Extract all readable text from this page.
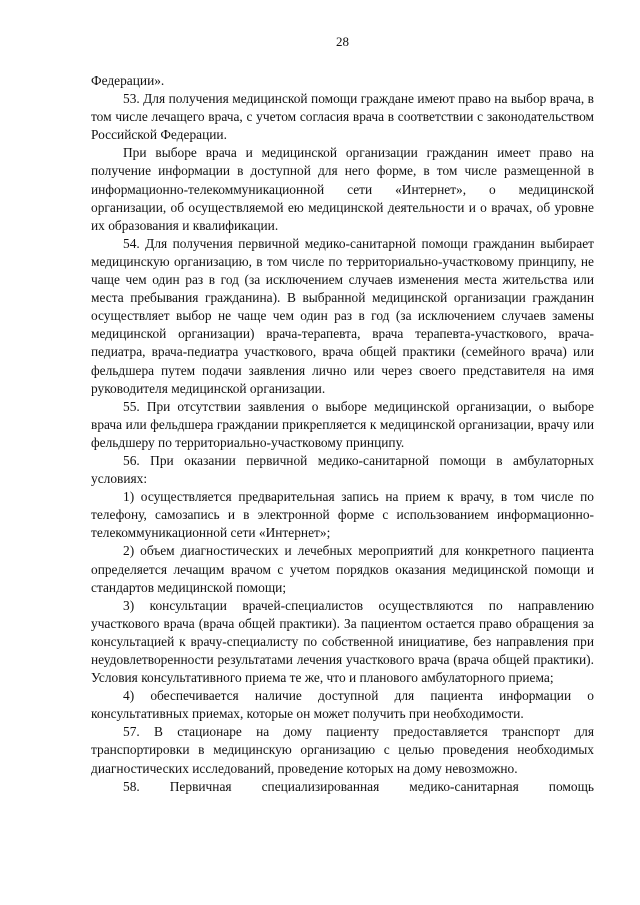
28

Федерации».

53. Для получения медицинской помощи граждане имеют право на выбор врача, в том числе лечащего врача, с учетом согласия врача в соответствии с законодательством Российской Федерации.

При выборе врача и медицинской организации гражданин имеет право на получение информации в доступной для него форме, в том числе размещенной в информационно-телекоммуникационной сети «Интернет», о медицинской организации, об осуществляемой ею медицинской деятельности и о врачах, об уровне их образования и квалификации.

54. Для получения первичной медико-санитарной помощи гражданин выбирает медицинскую организацию, в том числе по территориально-участковому принципу, не чаще чем один раз в год (за исключением случаев изменения места жительства или места пребывания гражданина). В выбранной медицинской организации гражданин осуществляет выбор не чаще чем один раз в год (за исключением случаев замены медицинской организации) врача-терапевта, врача терапевта-участкового, врача-педиатра, врача-педиатра участкового, врача общей практики (семейного врача) или фельдшера путем подачи заявления лично или через своего представителя на имя руководителя медицинской организации.

55. При отсутствии заявления о выборе медицинской организации, о выборе врача или фельдшера граждании прикрепляется к медицинской организации, врачу или фельдшеру по территориально-участковому принципу.

56. При оказании первичной медико-санитарной помощи в амбулаторных условиях:

1) осуществляется предварительная запись на прием к врачу, в том числе по телефону, самозапись и в электронной форме с использованием информационно-телекоммуникационной сети «Интернет»;

2) объем диагностических и лечебных мероприятий для конкретного пациента определяется лечащим врачом с учетом порядков оказания медицинской помощи и стандартов медицинской помощи;

3) консультации врачей-специалистов осуществляются по направлению участкового врача (врача общей практики). За пациентом остается право обращения за консультацией к врачу-специалисту по собственной инициативе, без направления при неудовлетворенности результатами лечения участкового врача (врача общей практики). Условия консультативного приема те же, что и планового амбулаторного приема;

4) обеспечивается наличие доступной для пациента информации о консультативных приемах, которые он может получить при необходимости.

57. В стационаре на дому пациенту предоставляется транспорт для транспортировки в медицинскую организацию с целью проведения необходимых диагностических исследований, проведение которых на дому невозможно.

58. Первичная специализированная медико-санитарная помощь
